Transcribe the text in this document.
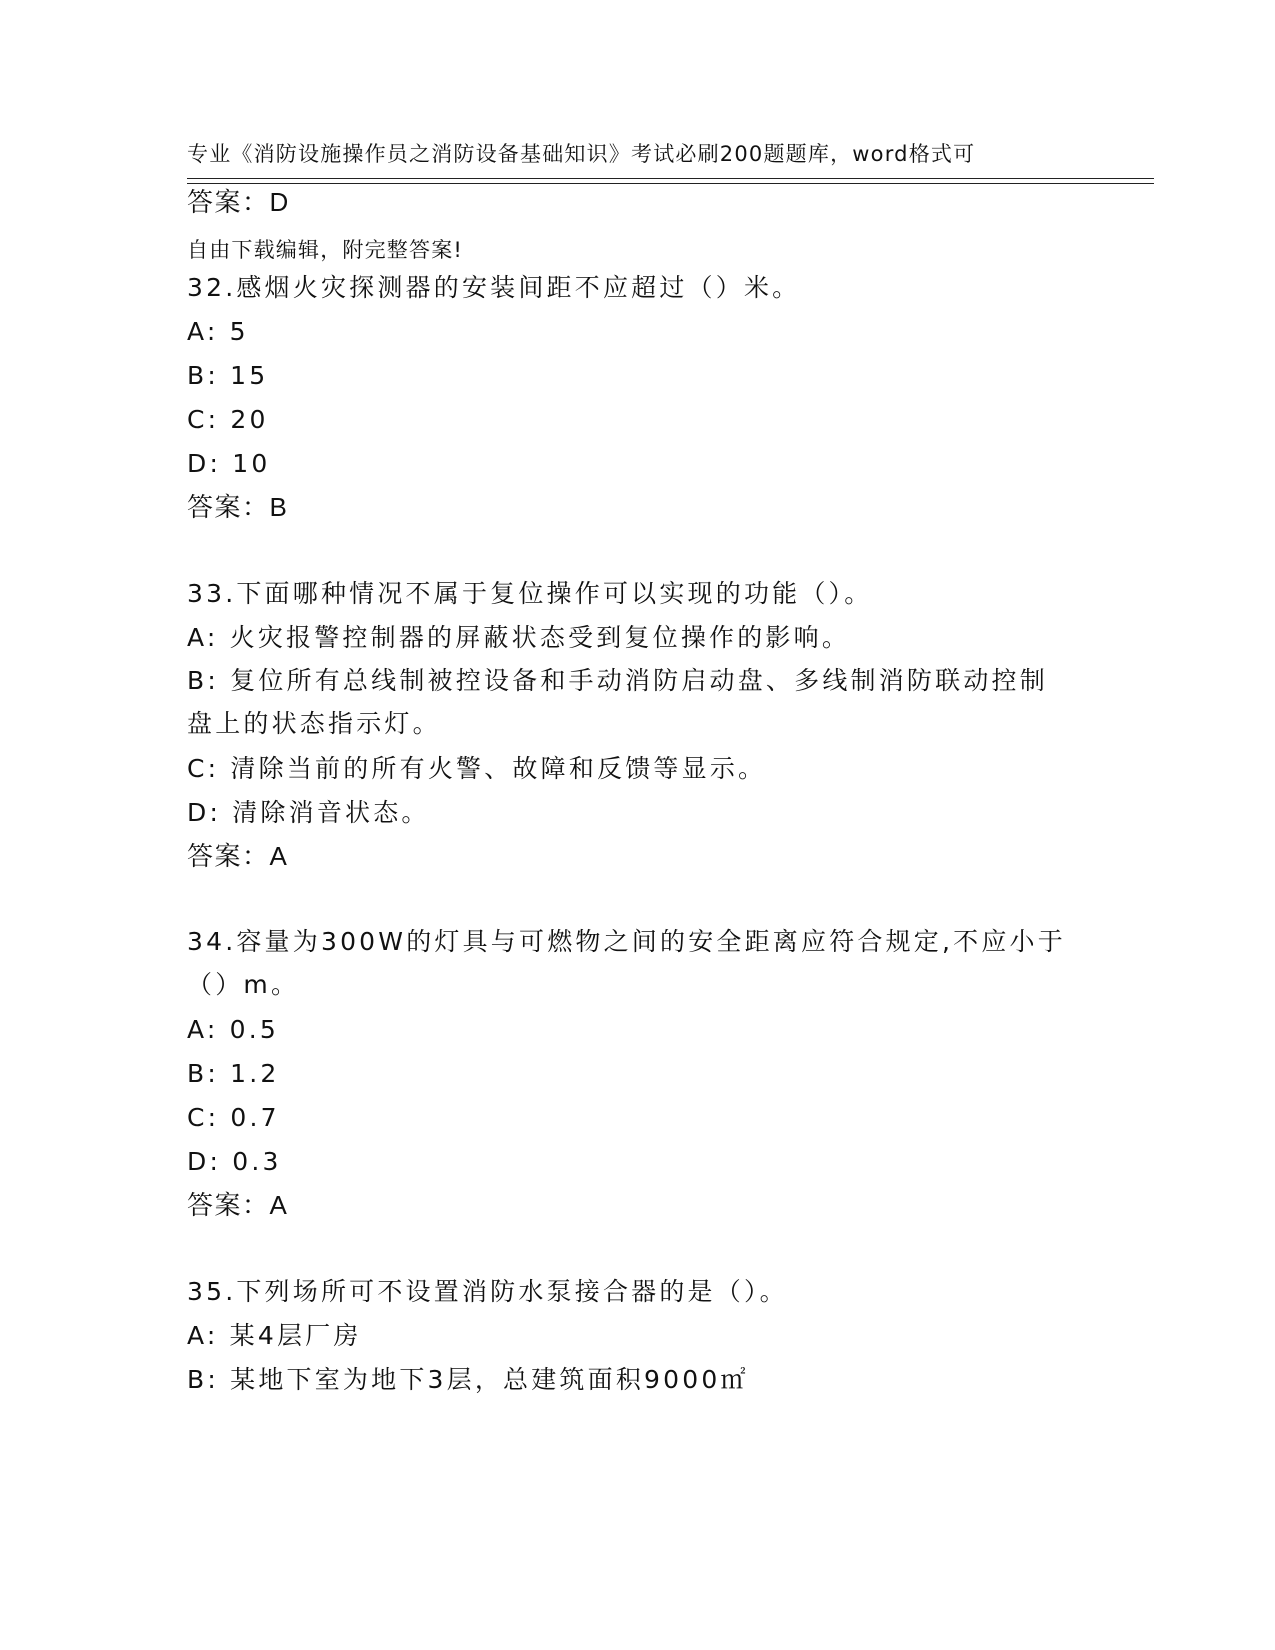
专业《消防设施操作员之消防设备基础知识》考试必刷200题题库，word格式可

自由下载编辑，附完整答案!

答案：D
32.感烟火灾探测器的安装间距不应超过（）米。
A: 5
B: 15
C: 20
D: 10
答案：B
33.下面哪种情况不属于复位操作可以实现的功能（）。
A: 火灾报警控制器的屏蔽状态受到复位操作的影响。
B: 复位所有总线制被控设备和手动消防启动盘、多线制消防联动控制盘上的状态指示灯。
C: 清除当前的所有火警、故障和反馈等显示。
D: 清除消音状态。
答案：A
34.容量为300W的灯具与可燃物之间的安全距离应符合规定,不应小于（）m。
A: 0.5
B: 1.2
C: 0.7
D: 0.3
答案：A
35.下列场所可不设置消防水泵接合器的是（）。
A: 某4层厂房
B: 某地下室为地下3层，总建筑面积9000㎡
